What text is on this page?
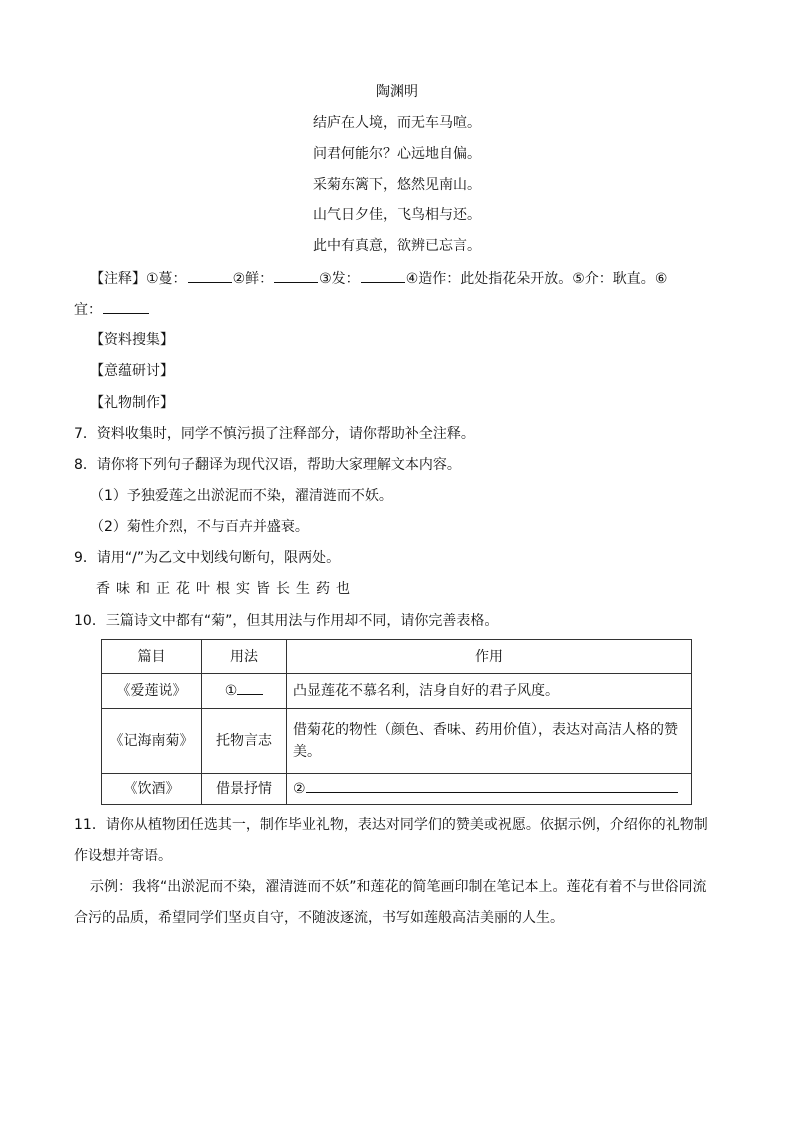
陶渊明
结庐在人境，而无车马喧。
问君何能尔？心远地自偏。
采菊东篱下，悠然见南山。
山气日夕佳，飞鸟相与还。
此中有真意，欲辨已忘言。
【注释】①蔓：	②鲜：	③发：	④造作：此处指花朵开放。⑤介：耿直。⑥
宜：
【资料搜集】
【意蕴研讨】
【礼物制作】
7．资料收集时，同学不慎污损了注释部分，请你帮助补全注释。
8．请你将下列句子翻译为现代汉语，帮助大家理解文本内容。
（1）予独爱莲之出淤泥而不染，濯清涟而不妖。
（2）菊性介烈，不与百卉并盛衰。
9．请用“/”为乙文中划线句断句，限两处。
香味和正花叶根实皆长生药也
10．三篇诗文中都有“菊”，但其用法与作用却不同，请你完善表格。
篇目	用法	作用
《爱莲说》	①	凸显莲花不慕名利，洁身自好的君子风度。
《记海南菊》	托物言志	借菊花的物性（颜色、香味、药用价值），表达对高洁人格的赞美。
《饮酒》	借景抒情	②
11．请你从植物团任选其一，制作毕业礼物，表达对同学们的赞美或祝愿。依据示例，介绍你的礼物制
作设想并寄语。
示例：我将“出淤泥而不染，濯清涟而不妖”和莲花的简笔画印制在笔记本上。莲花有着不与世俗同流
合污的品质，希望同学们坚贞自守，不随波逐流，书写如莲般高洁美丽的人生。
